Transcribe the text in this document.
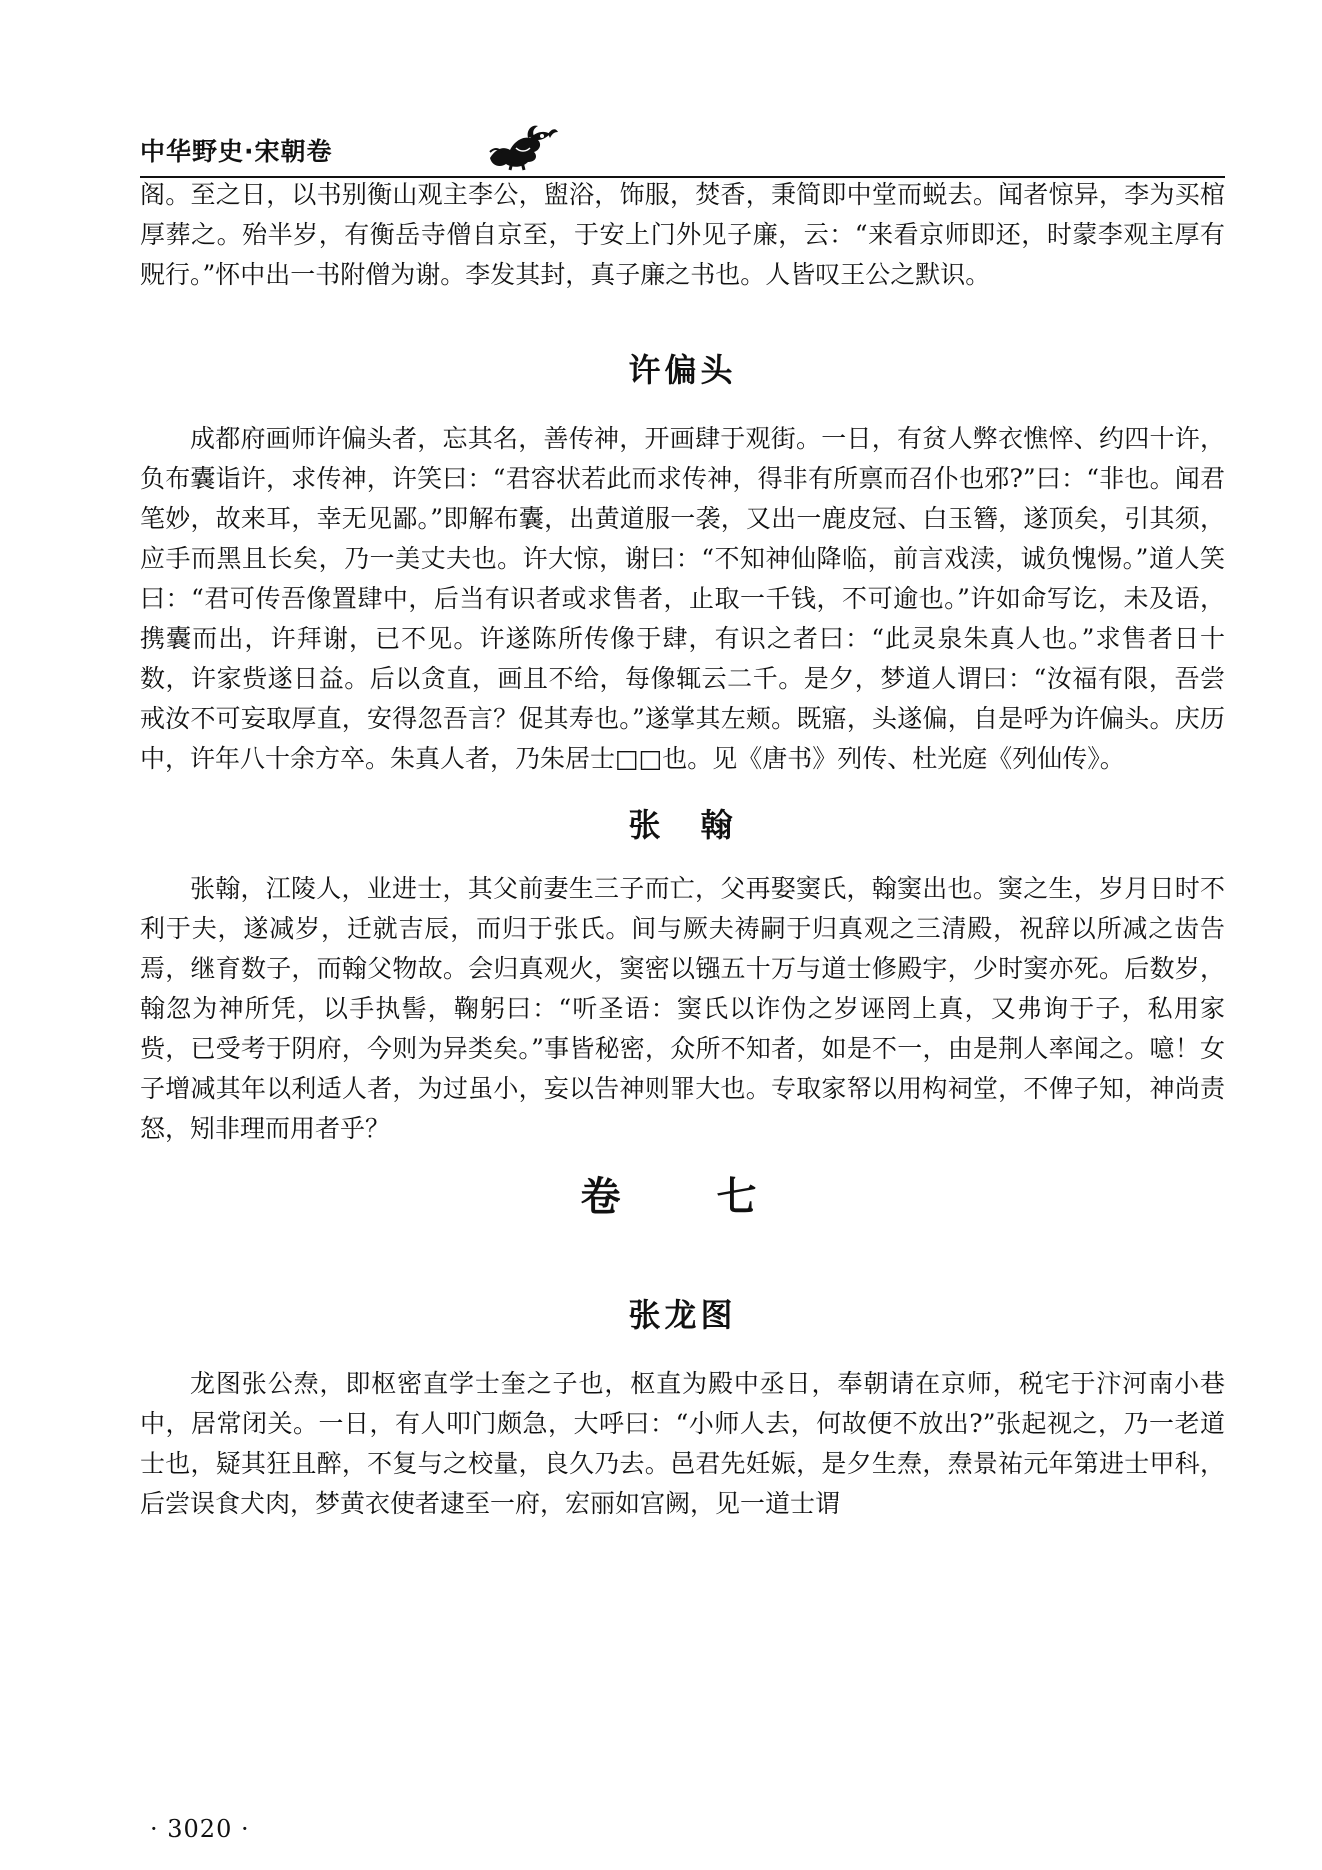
中华野史·宋朝卷

阁。至之日，以书别衡山观主李公，盥浴，饰服，焚香，秉简即中堂而蜕去。闻者惊异，李为买棺厚葬之。殆半岁，有衡岳寺僧自京至，于安上门外见子廉，云：“来看京师即还，时蒙李观主厚有贶行。”怀中出一书附僧为谢。李发其封，真子廉之书也。人皆叹王公之默识。

许偏头

成都府画师许偏头者，忘其名，善传神，开画肆于观街。一日，有贫人弊衣憔悴、约四十许，负布囊诣许，求传神，许笑曰：“君容状若此而求传神，得非有所禀而召仆也邪?”曰：“非也。闻君笔妙，故来耳，幸无见鄙。”即解布囊，出黄道服一袭，又出一鹿皮冠、白玉簪，遂顶矣，引其须，应手而黑且长矣，乃一美丈夫也。许大惊，谢曰：“不知神仙降临，前言戏渎，诚负愧惕。”道人笑曰：“君可传吾像置肆中，后当有识者或求售者，止取一千钱，不可逾也。”许如命写讫，未及语，携囊而出，许拜谢，已不见。许遂陈所传像于肆，有识之者曰：“此灵泉朱真人也。”求售者日十数，许家赀遂日益。后以贪直，画且不给，每像辄云二千。是夕，梦道人谓曰：“汝福有限，吾尝戒汝不可妄取厚直，安得忽吾言？促其寿也。”遂掌其左颊。既寤，头遂偏，自是呼为许偏头。庆历中，许年八十余方卒。朱真人者，乃朱居士□□也。见《唐书》列传、杜光庭《列仙传》。

张　翰

张翰，江陵人，业进士，其父前妻生三子而亡，父再娶窦氏，翰窦出也。窦之生，岁月日时不利于夫，遂减岁，迁就吉辰，而归于张氏。间与厥夫祷嗣于归真观之三清殿，祝辞以所减之齿告焉，继育数子，而翰父物故。会归真观火，窦密以镪五十万与道士修殿宇，少时窦亦死。后数岁，翰忽为神所凭，以手执髻，鞠躬曰：“听圣语：窦氏以诈伪之岁诬罔上真，又弗询于子，私用家赀，已受考于阴府，今则为异类矣。”事皆秘密，众所不知者，如是不一，由是荆人率闻之。噫！女子增减其年以利适人者，为过虽小，妄以告神则罪大也。专取家帑以用构祠堂，不俾子知，神尚责怒，矧非理而用者乎？

卷　七
张龙图

龙图张公焘，即枢密直学士奎之子也，枢直为殿中丞日，奉朝请在京师，税宅于汴河南小巷中，居常闭关。一日，有人叩门颇急，大呼曰：“小师人去，何故便不放出?”张起视之，乃一老道士也，疑其狂且醉，不复与之校量，良久乃去。邑君先妊娠，是夕生焘，焘景祐元年第进士甲科，后尝误食犬肉，梦黄衣使者逮至一府，宏丽如宫阙，见一道士谓

· 3020 ·
